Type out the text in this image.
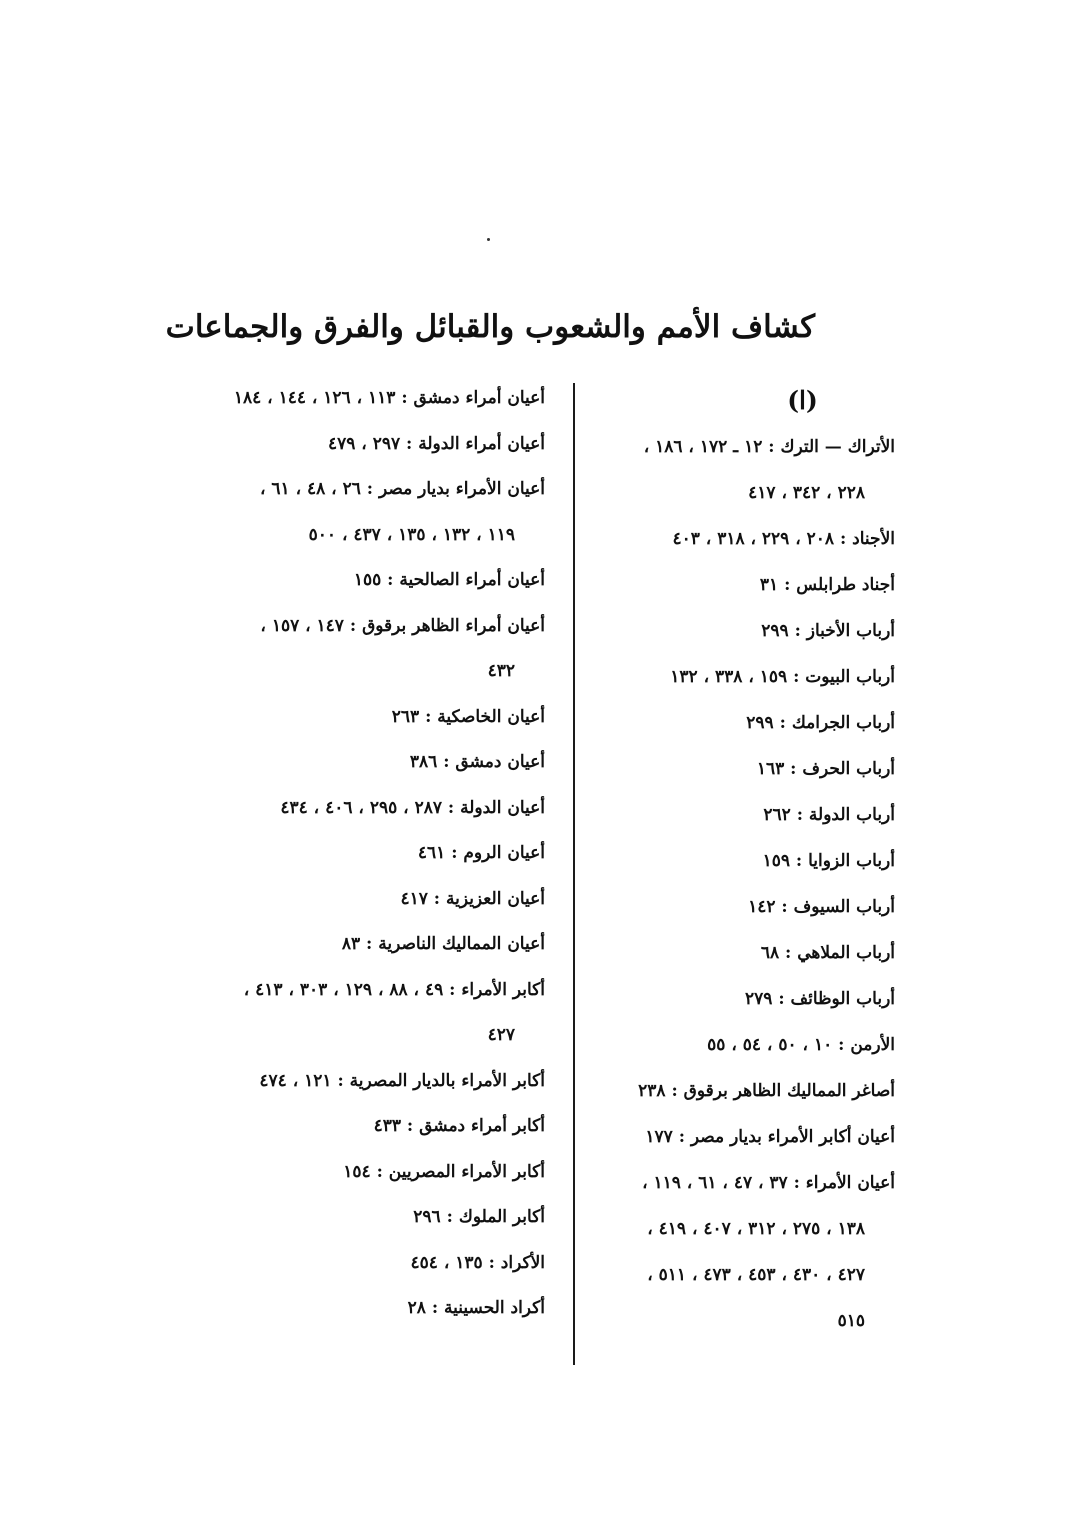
كشاف الأمم والشعوب والقبائل والفرق والجماعات
(ا)
الأتراك — الترك : ١٢ ـ ١٧٢ ، ١٨٦ ،
٢٢٨ ، ٣٤٢ ، ٤١٧
الأجناد : ٢٠٨ ، ٢٢٩ ، ٣١٨ ، ٤٠٣
أجناد طرابلس : ٣١
أرباب الأخباز : ٢٩٩
أرباب البيوت : ١٥٩ ، ٣٣٨ ، ١٣٢
أرباب الجرامك : ٢٩٩
أرباب الحرف : ١٦٣
أرباب الدولة : ٢٦٢
أرباب الزوايا : ١٥٩
أرباب السيوف : ١٤٢
أرباب الملاهي : ٦٨
أرباب الوظائف : ٢٧٩
الأرمن : ١٠ ، ٥٠ ، ٥٤ ، ٥٥
أصاغر المماليك الظاهر برقوق : ٢٣٨
أعيان أكابر الأمراء بديار مصر : ١٧٧
أعيان الأمراء : ٣٧ ، ٤٧ ، ٦١ ، ١١٩ ،
١٣٨ ، ٢٧٥ ، ٣١٢ ، ٤٠٧ ، ٤١٩ ،
٤٢٧ ، ٤٣٠ ، ٤٥٣ ، ٤٧٣ ، ٥١١ ،
٥١٥
أعيان أمراء دمشق : ١١٣ ، ١٢٦ ، ١٤٤ ، ١٨٤
أعيان أمراء الدولة : ٢٩٧ ، ٤٧٩
أعيان الأمراء بديار مصر : ٢٦ ، ٤٨ ، ٦١ ،
١١٩ ، ١٣٢ ، ١٣٥ ، ٤٣٧ ، ٥٠٠
أعيان أمراء الصالحية : ١٥٥
أعيان أمراء الظاهر برقوق : ١٤٧ ، ١٥٧ ،
٤٣٢
أعيان الخاصكية : ٢٦٣
أعيان دمشق : ٣٨٦
أعيان الدولة : ٢٨٧ ، ٢٩٥ ، ٤٠٦ ، ٤٣٤
أعيان الروم : ٤٦١
أعيان العزيزية : ٤١٧
أعيان المماليك الناصرية : ٨٣
أكابر الأمراء : ٤٩ ، ٨٨ ، ١٢٩ ، ٣٠٣ ، ٤١٣ ،
٤٢٧
أكابر الأمراء بالديار المصرية : ١٢١ ، ٤٧٤
أكابر أمراء دمشق : ٤٣٣
أكابر الأمراء المصريين : ١٥٤
أكابر الملوك : ٢٩٦
الأكراد : ١٣٥ ، ٤٥٤
أكراد الحسينية : ٢٨
